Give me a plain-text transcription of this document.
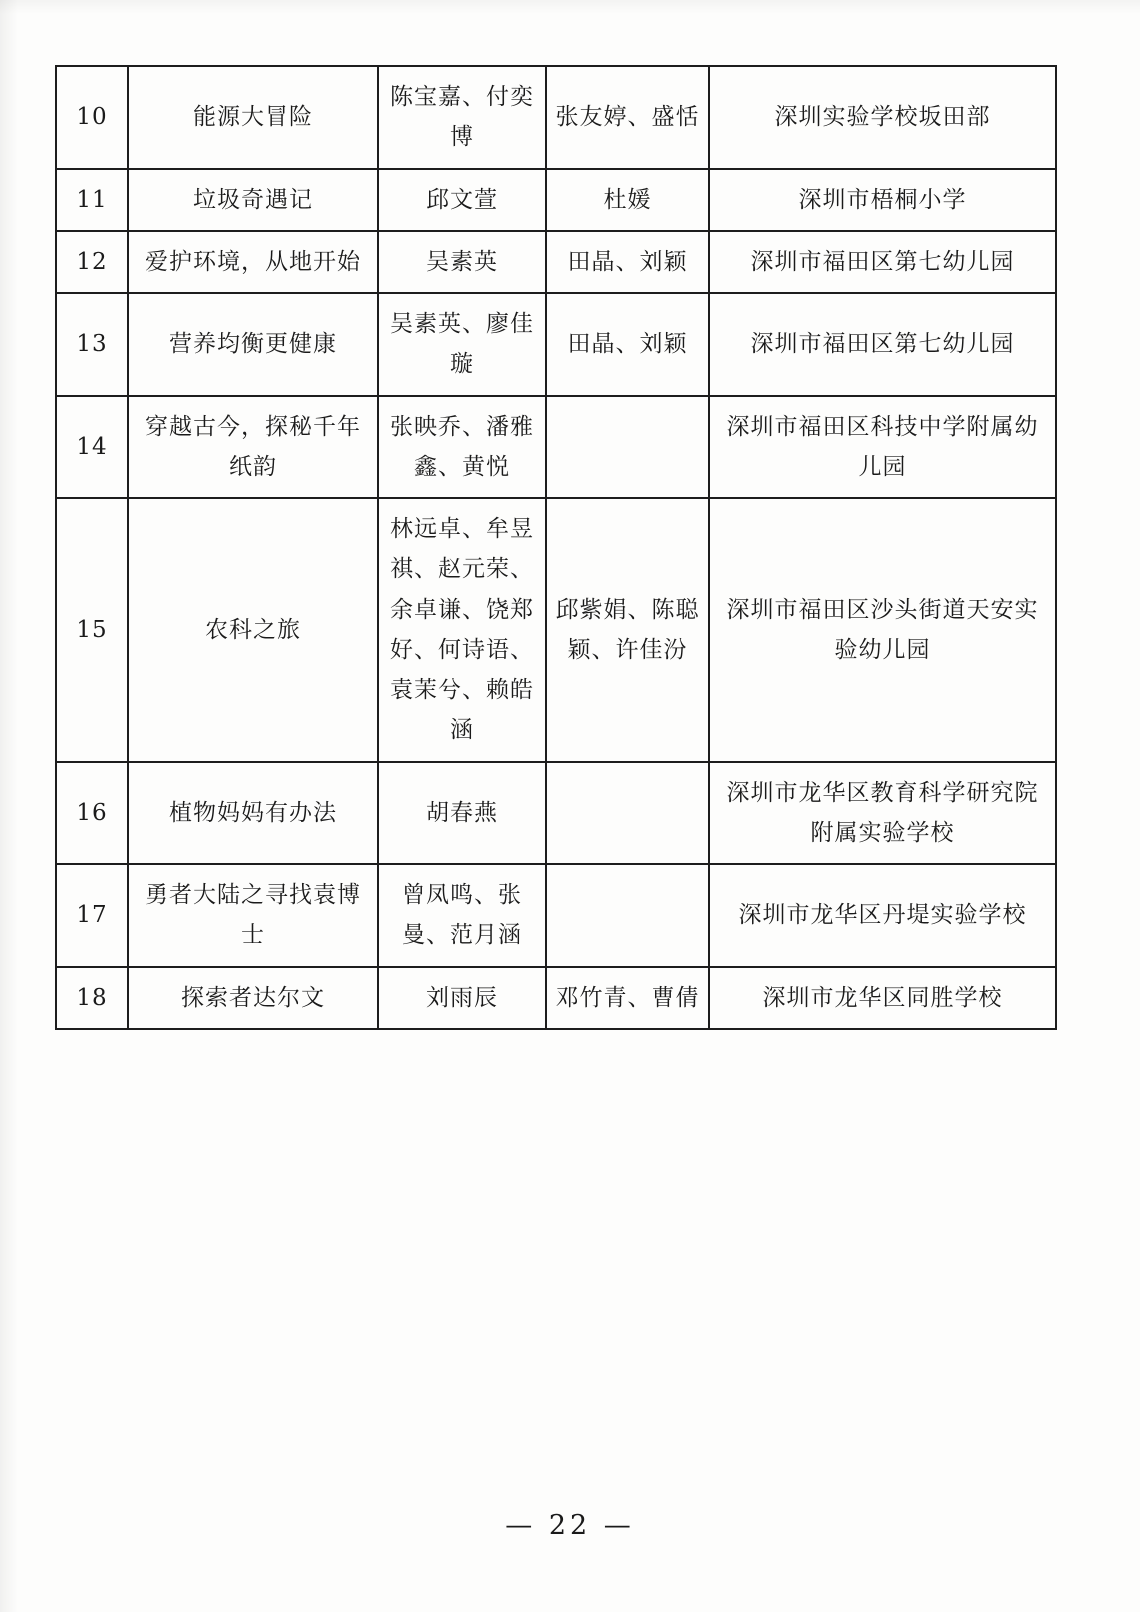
10	能源大冒险	陈宝嘉、付奕博	张友婷、盛恬	深圳实验学校坂田部
11	垃圾奇遇记	邱文萱	杜媛	深圳市梧桐小学
12	爱护环境，从地开始	吴素英	田晶、刘颖	深圳市福田区第七幼儿园
13	营养均衡更健康	吴素英、廖佳璇	田晶、刘颖	深圳市福田区第七幼儿园
14	穿越古今，探秘千年纸韵	张映乔、潘雅鑫、黄悦		深圳市福田区科技中学附属幼儿园
15	农科之旅	林远卓、牟昱祺、赵元荣、余卓谦、饶郑好、何诗语、袁茉兮、赖皓涵	邱紫娟、陈聪颖、许佳汾	深圳市福田区沙头街道天安实验幼儿园
16	植物妈妈有办法	胡春燕		深圳市龙华区教育科学研究院附属实验学校
17	勇者大陆之寻找袁博士	曾凤鸣、张曼、范月涵		深圳市龙华区丹堤实验学校
18	探索者达尔文	刘雨辰	邓竹青、曹倩	深圳市龙华区同胜学校
— 22 —
